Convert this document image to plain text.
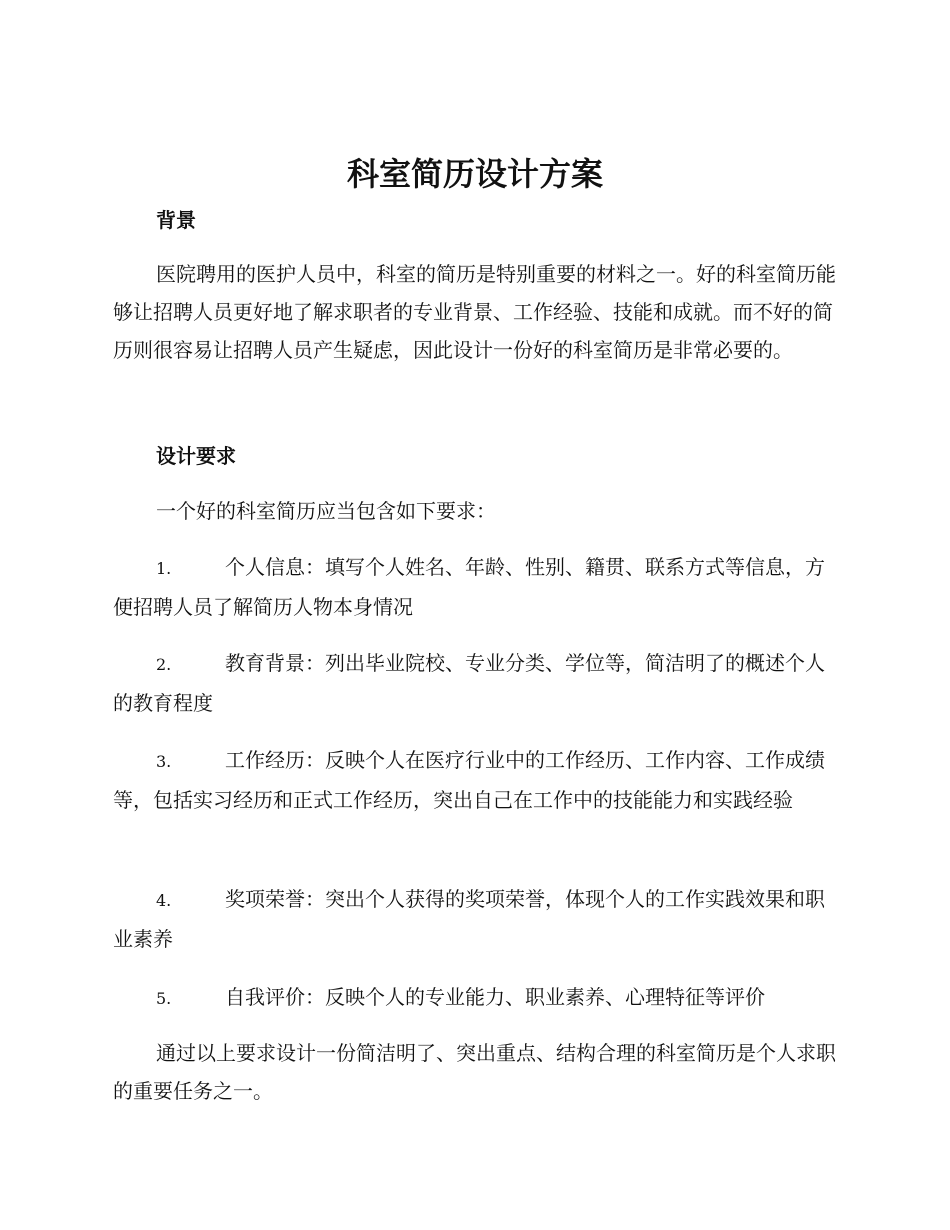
科室简历设计方案
背景

医院聘用的医护人员中，科室的简历是特别重要的材料之一。好的科室简历能够让招聘人员更好地了解求职者的专业背景、工作经验、技能和成就。而不好的简历则很容易让招聘人员产生疑虑，因此设计一份好的科室简历是非常必要的。

设计要求

一个好的科室简历应当包含如下要求：

1.	个人信息：填写个人姓名、年龄、性别、籍贯、联系方式等信息，方便招聘人员了解简历人物本身情况
2.	教育背景：列出毕业院校、专业分类、学位等，简洁明了的概述个人的教育程度
3.	工作经历：反映个人在医疗行业中的工作经历、工作内容、工作成绩等，包括实习经历和正式工作经历，突出自己在工作中的技能能力和实践经验
4.	奖项荣誉：突出个人获得的奖项荣誉，体现个人的工作实践效果和职业素养
5.	自我评价：反映个人的专业能力、职业素养、心理特征等评价

通过以上要求设计一份简洁明了、突出重点、结构合理的科室简历是个人求职的重要任务之一。
